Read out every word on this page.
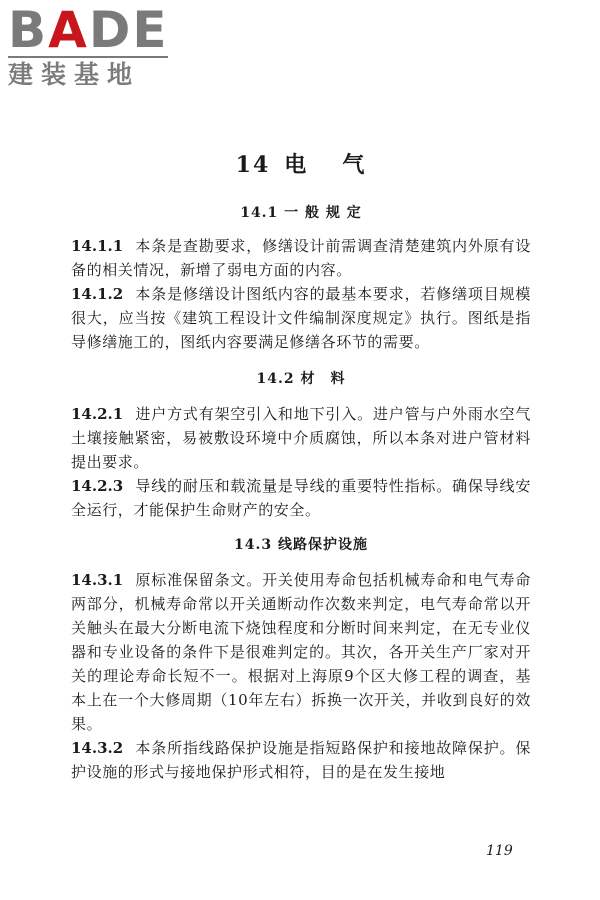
BADE
建装基地
14 电 气
14.1 一 般 规 定

14.1.1 本条是查勘要求，修缮设计前需调查清楚建筑内外原有设备的相关情况，新增了弱电方面的内容。

14.1.2 本条是修缮设计图纸内容的最基本要求，若修缮项目规模很大，应当按《建筑工程设计文件编制深度规定》执行。图纸是指导修缮施工的，图纸内容要满足修缮各环节的需要。

14.2 材　料

14.2.1 进户方式有架空引入和地下引入。进户管与户外雨水空气土壤接触紧密，易被敷设环境中介质腐蚀，所以本条对进户管材料提出要求。

14.2.3 导线的耐压和载流量是导线的重要特性指标。确保导线安全运行，才能保护生命财产的安全。

14.3 线路保护设施

14.3.1 原标准保留条文。开关使用寿命包括机械寿命和电气寿命两部分，机械寿命常以开关通断动作次数来判定，电气寿命常以开关触头在最大分断电流下烧蚀程度和分断时间来判定，在无专业仪器和专业设备的条件下是很难判定的。其次，各开关生产厂家对开关的理论寿命长短不一。根据对上海原9个区大修工程的调查，基本上在一个大修周期（10年左右）拆换一次开关，并收到良好的效果。

14.3.2 本条所指线路保护设施是指短路保护和接地故障保护。保护设施的形式与接地保护形式相符，目的是在发生接地

119
